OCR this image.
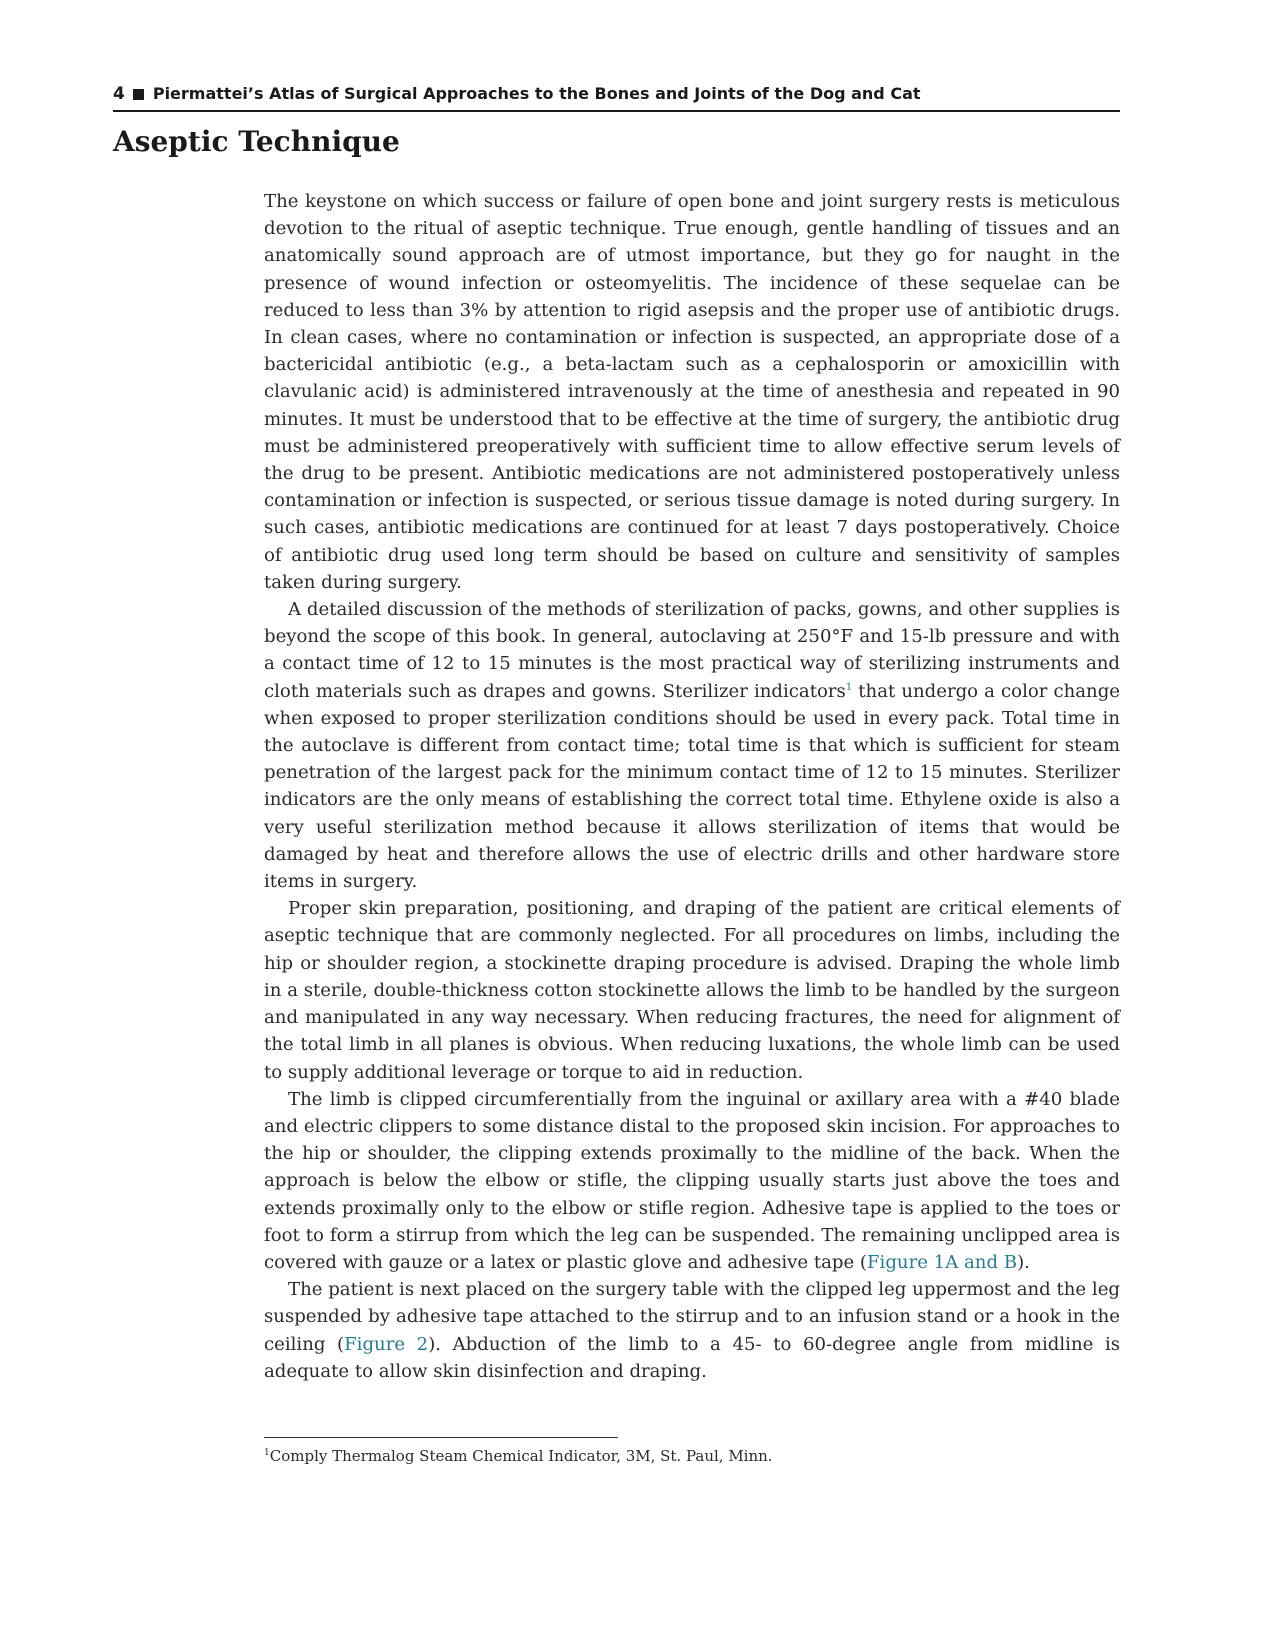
4 Piermattei’s Atlas of Surgical Approaches to the Bones and Joints of the Dog and Cat
Aseptic Technique

The keystone on which success or failure of open bone and joint surgery rests is meticulous devotion to the ritual of aseptic technique. True enough, gentle handling of tissues and an anatomically sound approach are of utmost importance, but they go for naught in the presence of wound infection or osteomyelitis. The incidence of these sequelae can be reduced to less than 3% by attention to rigid asepsis and the proper use of antibiotic drugs. In clean cases, where no contamination or infection is suspected, an appropriate dose of a bactericidal antibiotic (e.g., a beta-lactam such as a cephalosporin or amoxicillin with clavulanic acid) is administered intravenously at the time of anesthesia and repeated in 90 minutes. It must be understood that to be effective at the time of surgery, the antibiotic drug must be administered preoperatively with sufficient time to allow effective serum levels of the drug to be present. Antibiotic medications are not administered postoperatively unless contamination or infection is suspected, or serious tissue damage is noted during surgery. In such cases, antibiotic medications are continued for at least 7 days postoperatively. Choice of antibiotic drug used long term should be based on culture and sensitivity of samples taken during surgery.

A detailed discussion of the methods of sterilization of packs, gowns, and other supplies is beyond the scope of this book. In general, autoclaving at 250°F and 15-lb pressure and with a contact time of 12 to 15 minutes is the most practical way of sterilizing instruments and cloth materials such as drapes and gowns. Sterilizer indicators$^1$ that undergo a color change when exposed to proper sterilization conditions should be used in every pack. Total time in the autoclave is different from contact time; total time is that which is sufficient for steam penetration of the largest pack for the minimum contact time of 12 to 15 minutes. Sterilizer indicators are the only means of establishing the correct total time. Ethylene oxide is also a very useful sterilization method because it allows sterilization of items that would be damaged by heat and therefore allows the use of electric drills and other hardware store items in surgery.

Proper skin preparation, positioning, and draping of the patient are critical elements of aseptic technique that are commonly neglected. For all procedures on limbs, including the hip or shoulder region, a stockinette draping procedure is advised. Draping the whole limb in a sterile, double-thickness cotton stockinette allows the limb to be handled by the surgeon and manipulated in any way necessary. When reducing fractures, the need for alignment of the total limb in all planes is obvious. When reducing luxations, the whole limb can be used to supply additional leverage or torque to aid in reduction.

The limb is clipped circumferentially from the inguinal or axillary area with a #40 blade and electric clippers to some distance distal to the proposed skin incision. For approaches to the hip or shoulder, the clipping extends proximally to the midline of the back. When the approach is below the elbow or stifle, the clipping usually starts just above the toes and extends proximally only to the elbow or stifle region. Adhesive tape is applied to the toes or foot to form a stirrup from which the leg can be suspended. The remaining unclipped area is covered with gauze or a latex or plastic glove and adhesive tape (Figure 1A and B).

The patient is next placed on the surgery table with the clipped leg uppermost and the leg suspended by adhesive tape attached to the stirrup and to an infusion stand or a hook in the ceiling (Figure 2). Abduction of the limb to a 45- to 60-degree angle from midline is adequate to allow skin disinfection and draping.

$^1$Comply Thermalog Steam Chemical Indicator, 3M, St. Paul, Minn.
